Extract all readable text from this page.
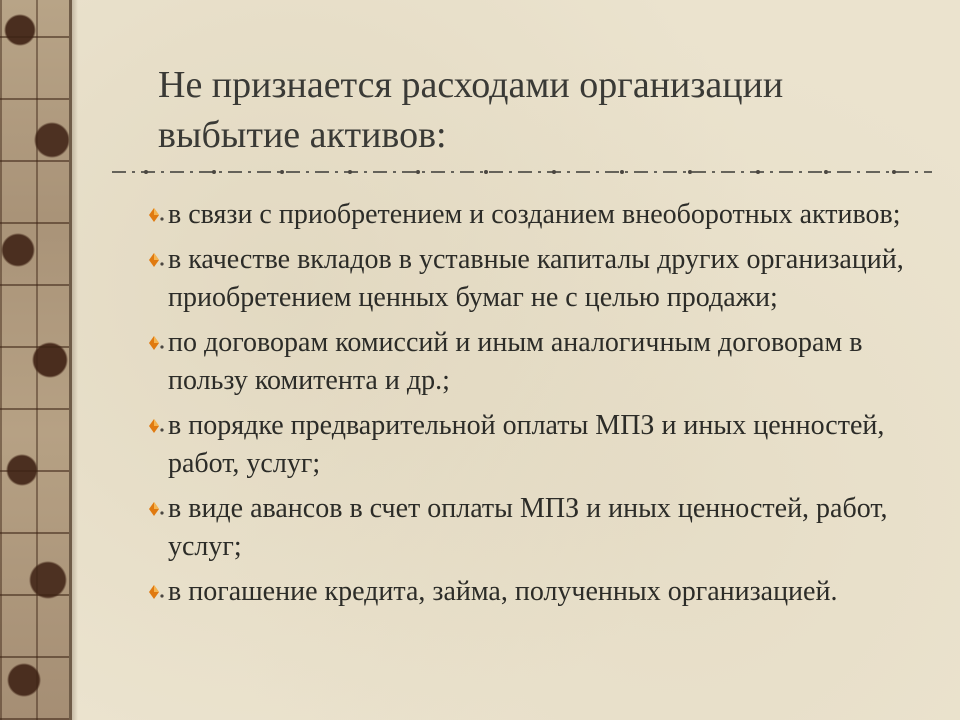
Не признается расходами организации выбытие активов:
в связи с приобретением и созданием внеоборотных активов;
в качестве вкладов в уставные капиталы других организаций, приобретением ценных бумаг не с целью продажи;
по договорам комиссий и иным аналогичным договорам в пользу комитента и др.;
в порядке предварительной оплаты МПЗ и иных ценностей, работ, услуг;
в виде авансов в счет оплаты МПЗ и иных ценностей, работ, услуг;
в погашение кредита, займа, полученных организацией.
